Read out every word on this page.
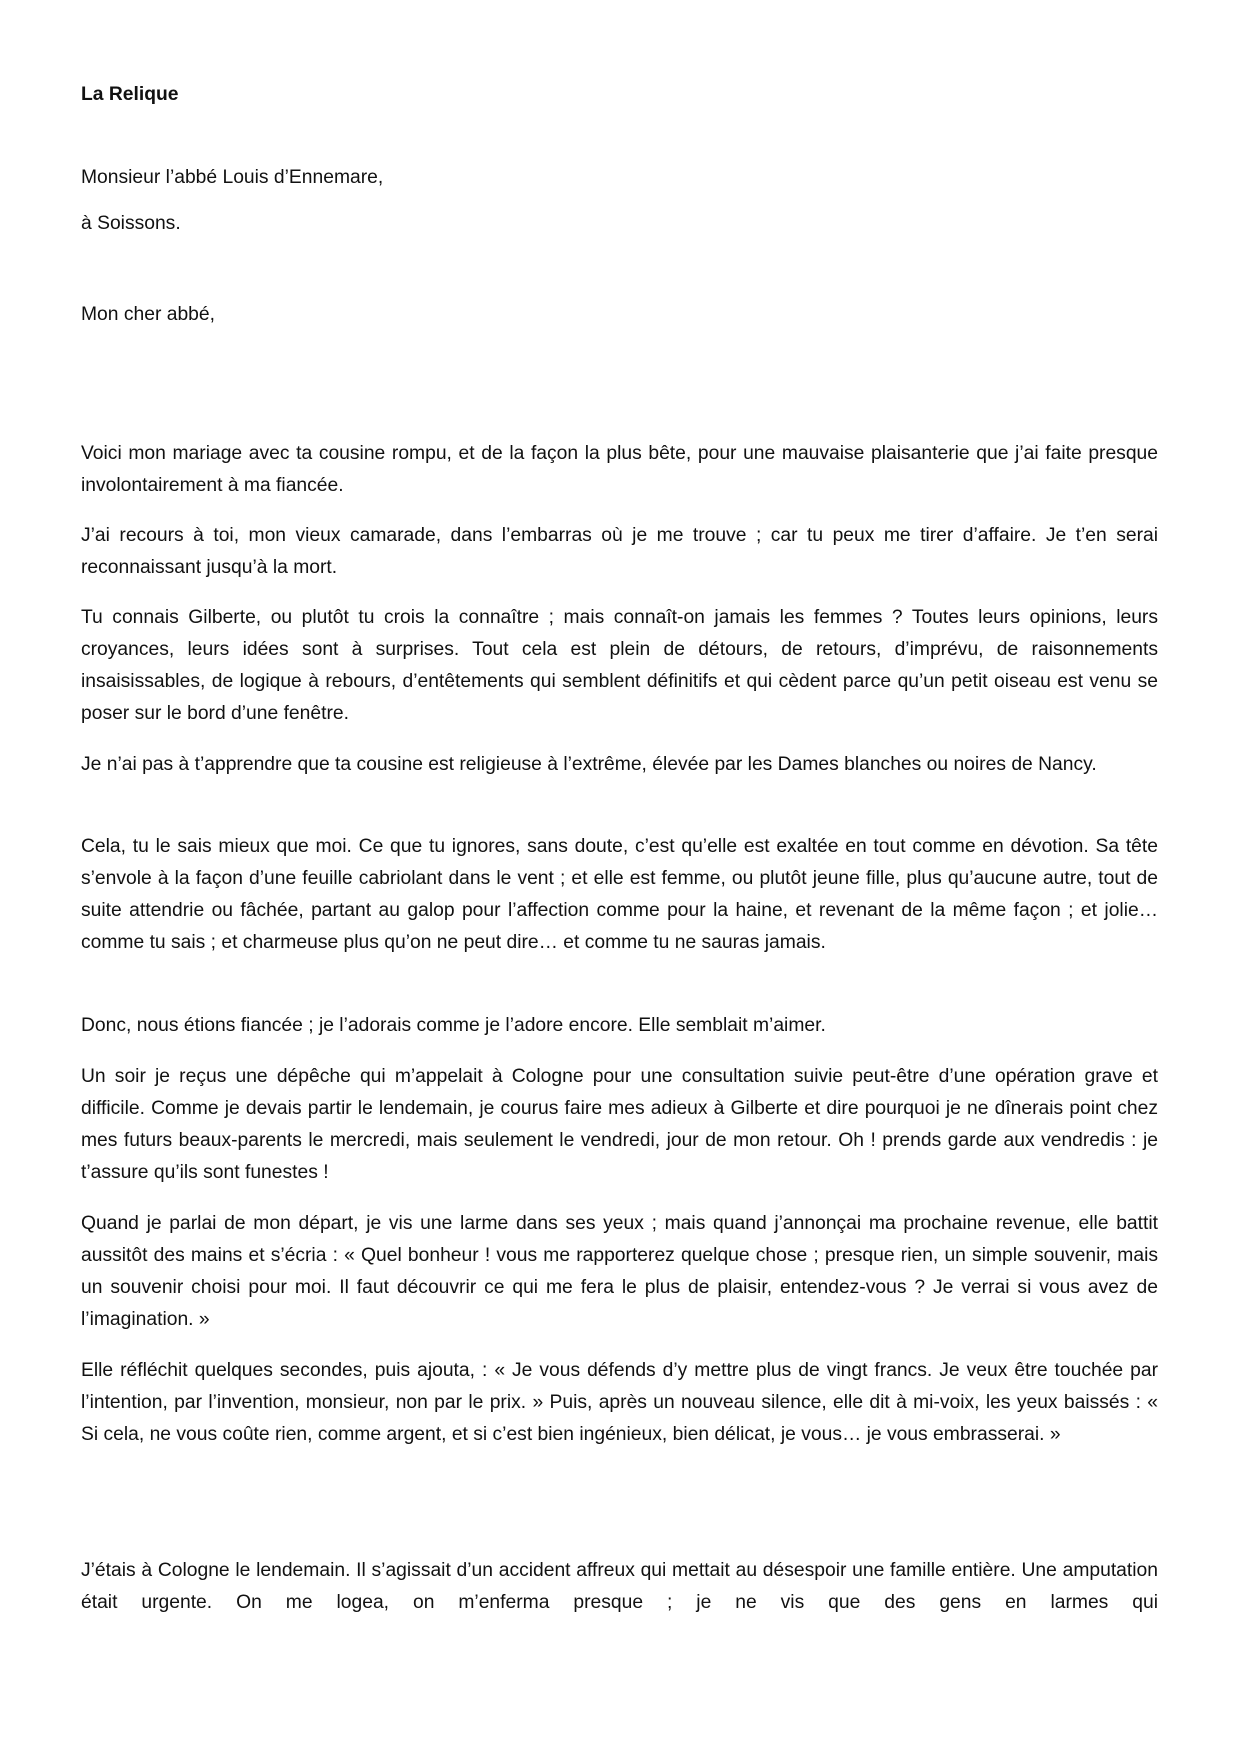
La Relique

Monsieur l’abbé Louis d’Ennemare,

à Soissons.

Mon cher abbé,

Voici mon mariage avec ta cousine rompu, et de la façon la plus bête, pour une mauvaise plaisanterie que j’ai faite presque involontairement à ma fiancée.

J’ai recours à toi, mon vieux camarade, dans l’embarras où je me trouve ; car tu peux me tirer d’affaire. Je t’en serai reconnaissant jusqu’à la mort.

Tu connais Gilberte, ou plutôt tu crois la connaître ; mais connaît-on jamais les femmes ? Toutes leurs opinions, leurs croyances, leurs idées sont à surprises. Tout cela est plein de détours, de retours, d’imprévu, de raisonnements insaisissables, de logique à rebours, d’entêtements qui semblent définitifs et qui cèdent parce qu’un petit oiseau est venu se poser sur le bord d’une fenêtre.

Je n’ai pas à t’apprendre que ta cousine est religieuse à l’extrême, élevée par les Dames blanches ou noires de Nancy.

Cela, tu le sais mieux que moi. Ce que tu ignores, sans doute, c’est qu’elle est exaltée en tout comme en dévotion. Sa tête s’envole à la façon d’une feuille cabriolant dans le vent ; et elle est femme, ou plutôt jeune fille, plus qu’aucune autre, tout de suite attendrie ou fâchée, partant au galop pour l’affection comme pour la haine, et revenant de la même façon ; et jolie… comme tu sais ; et charmeuse plus qu’on ne peut dire… et comme tu ne sauras jamais.

Donc, nous étions fiancée ; je l’adorais comme je l’adore encore. Elle semblait m’aimer.

Un soir je reçus une dépêche qui m’appelait à Cologne pour une consultation suivie peut-être d’une opération grave et difficile. Comme je devais partir le lendemain, je courus faire mes adieux à Gilberte et dire pourquoi je ne dînerais point chez mes futurs beaux-parents le mercredi, mais seulement le vendredi, jour de mon retour. Oh ! prends garde aux vendredis : je t’assure qu’ils sont funestes !

Quand je parlai de mon départ, je vis une larme dans ses yeux ; mais quand j’annonçai ma prochaine revenue, elle battit aussitôt des mains et s’écria : « Quel bonheur ! vous me rapporterez quelque chose ; presque rien, un simple souvenir, mais un souvenir choisi pour moi. Il faut découvrir ce qui me fera le plus de plaisir, entendez-vous ? Je verrai si vous avez de l’imagination. »

Elle réfléchit quelques secondes, puis ajouta, : « Je vous défends d’y mettre plus de vingt francs. Je veux être touchée par l’intention, par l’invention, monsieur, non par le prix. » Puis, après un nouveau silence, elle dit à mi-voix, les yeux baissés : « Si cela, ne vous coûte rien, comme argent, et si c’est bien ingénieux, bien délicat, je vous… je vous embrasserai. »

J’étais à Cologne le lendemain. Il s’agissait d’un accident affreux qui mettait au désespoir une famille entière. Une amputation était urgente. On me logea, on m’enferma presque ; je ne vis que des gens en larmes qui
